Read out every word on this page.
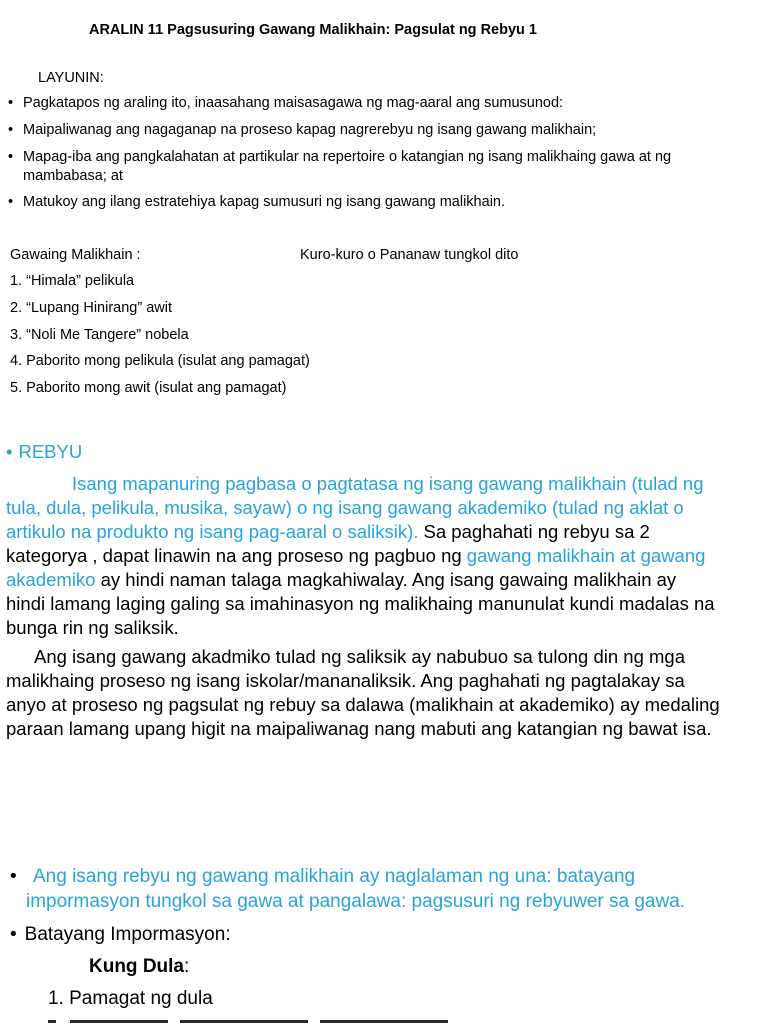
ARALIN 11 Pagsusuring Gawang Malikhain: Pagsulat ng Rebyu 1
LAYUNIN:
• Pagkatapos ng araling ito, inaasahang maisasagawa ng mag-aaral ang sumusunod:
• Maipaliwanag ang nagaganap na proseso kapag nagrerebyu ng isang gawang malikhain;
• Mapag-iba ang pangkalahatan at partikular na repertoire o katangian ng isang malikhaing gawa at ng
mambabasa; at
• Matukoy ang ilang estratehiya kapag sumusuri ng isang gawang malikhain.
Gawaing Malikhain :	Kuro-kuro o Pananaw tungkol dito
1. “Himala” pelikula
2. “Lupang Hinirang” awit
3. “Noli Me Tangere” nobela
4. Paborito mong pelikula (isulat ang pamagat)
5. Paborito mong awit (isulat ang pamagat)
• REBYU
Isang mapanuring pagbasa o pagtatasa ng isang gawang malikhain (tulad ng
tula, dula, pelikula, musika, sayaw) o ng isang gawang akademiko (tulad ng aklat o
artikulo na produkto ng isang pag-aaral o saliksik). Sa paghahati ng rebyu sa 2
kategorya , dapat linawin na ang proseso ng pagbuo ng gawang malikhain at gawang
akademiko ay hindi naman talaga magkahiwalay. Ang isang gawaing malikhain ay
hindi lamang laging galing sa imahinasyon ng malikhaing manunulat kundi madalas na
bunga rin ng saliksik.
Ang isang gawang akadmiko tulad ng saliksik ay nabubuo sa tulong din ng mga
malikhaing proseso ng isang iskolar/mananaliksik. Ang paghahati ng pagtalakay sa
anyo at proseso ng pagsulat ng rebuy sa dalawa (malikhain at akademiko) ay medaling
paraan lamang upang higit na maipaliwanag nang mabuti ang katangian ng bawat isa.
• Ang isang rebyu ng gawang malikhain ay naglalaman ng una: batayang
impormasyon tungkol sa gawa at pangalawa: pagsusuri ng rebyuwer sa gawa.
• Batayang Impormasyon:
Kung Dula:
1. Pamagat ng dula
